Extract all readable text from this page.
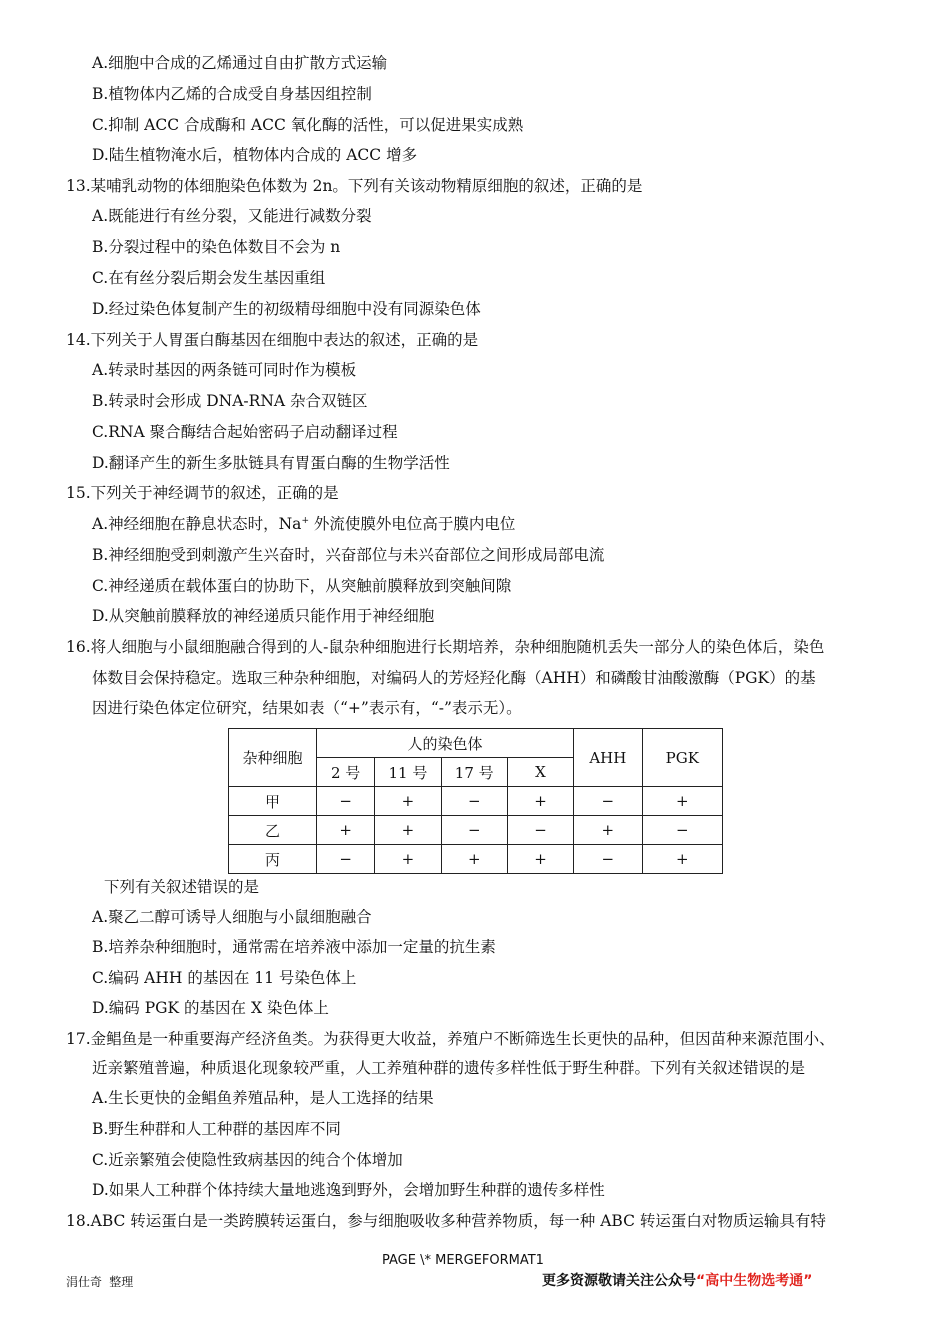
A.细胞中合成的乙烯通过自由扩散方式运输
B.植物体内乙烯的合成受自身基因组控制
C.抑制 ACC 合成酶和 ACC 氧化酶的活性，可以促进果实成熟
D.陆生植物淹水后，植物体内合成的 ACC 增多
13.某哺乳动物的体细胞染色体数为 2n。下列有关该动物精原细胞的叙述，正确的是
A.既能进行有丝分裂，又能进行减数分裂
B.分裂过程中的染色体数目不会为 n
C.在有丝分裂后期会发生基因重组
D.经过染色体复制产生的初级精母细胞中没有同源染色体
14.下列关于人胃蛋白酶基因在细胞中表达的叙述，正确的是
A.转录时基因的两条链可同时作为模板
B.转录时会形成 DNA-RNA 杂合双链区
C.RNA 聚合酶结合起始密码子启动翻译过程
D.翻译产生的新生多肽链具有胃蛋白酶的生物学活性
15.下列关于神经调节的叙述，正确的是
A.神经细胞在静息状态时，Na+ 外流使膜外电位高于膜内电位
B.神经细胞受到刺激产生兴奋时，兴奋部位与未兴奋部位之间形成局部电流
C.神经递质在载体蛋白的协助下，从突触前膜释放到突触间隙
D.从突触前膜释放的神经递质只能作用于神经细胞
16.将人细胞与小鼠细胞融合得到的人-鼠杂种细胞进行长期培养，杂种细胞随机丢失一部分人的染色体后，染色
体数目会保持稳定。选取三种杂种细胞，对编码人的芳烃羟化酶（AHH）和磷酸甘油酸激酶（PGK）的基
因进行染色体定位研究，结果如表（“+”表示有，“-”表示无）。
杂种细胞	人的染色体				AHH	PGK
	2 号	11 号	17 号	X		
甲	−	+	−	+	−	+
乙	+	+	−	−	+	−
丙	−	+	+	+	−	+
下列有关叙述错误的是
A.聚乙二醇可诱导人细胞与小鼠细胞融合
B.培养杂种细胞时，通常需在培养液中添加一定量的抗生素
C.编码 AHH 的基因在 11 号染色体上
D.编码 PGK 的基因在 X 染色体上
17.金鲳鱼是一种重要海产经济鱼类。为获得更大收益，养殖户不断筛选生长更快的品种，但因苗种来源范围小、
近亲繁殖普遍，种质退化现象较严重，人工养殖种群的遗传多样性低于野生种群。下列有关叙述错误的是
A.生长更快的金鲳鱼养殖品种，是人工选择的结果
B.野生种群和人工种群的基因库不同
C.近亲繁殖会使隐性致病基因的纯合个体增加
D.如果人工种群个体持续大量地逃逸到野外，会增加野生种群的遗传多样性
18.ABC 转运蛋白是一类跨膜转运蛋白，参与细胞吸收多种营养物质，每一种 ABC 转运蛋白对物质运输具有特
PAGE \* MERGEFORMAT1
涓仕奇 整理	更多资源敬请关注公众号“高中生物选考通”
